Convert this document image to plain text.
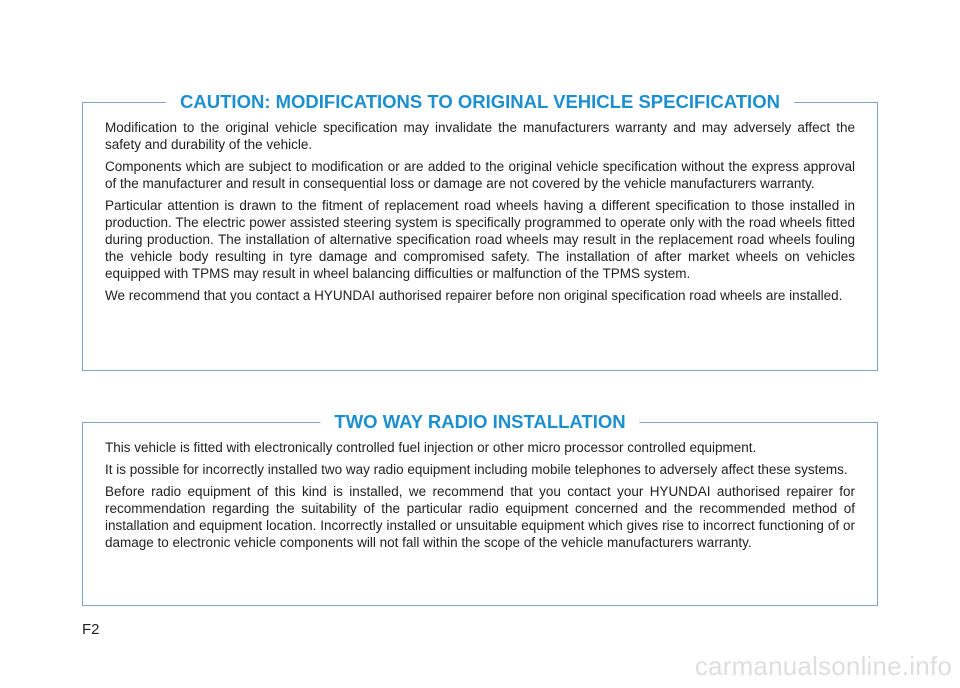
CAUTION: MODIFICATIONS TO ORIGINAL VEHICLE SPECIFICATION

Modification to the original vehicle specification may invalidate the manufacturers warranty and may adversely affect the safety and durability of the vehicle.

Components which are subject to modification or are added to the original vehicle specification without the express approval of the manufacturer and result in consequential loss or damage are not covered by the vehicle manufacturers warranty.

Particular attention is drawn to the fitment of replacement road wheels having a different specification to those installed in production. The electric power assisted steering system is specifically programmed to operate only with the road wheels fitted during production. The installation of alternative specification road wheels may result in the replacement road wheels fouling the vehicle body resulting in tyre damage and compromised safety. The installation of after market wheels on vehicles equipped with TPMS may result in wheel balancing difficulties or malfunction of the TPMS system.

We recommend that you contact a HYUNDAI authorised repairer before non original specification road wheels are installed.

TWO WAY RADIO INSTALLATION

This vehicle is fitted with electronically controlled fuel injection or other micro processor controlled equipment.

It is possible for incorrectly installed two way radio equipment including mobile telephones to adversely affect these systems.

Before radio equipment of this kind is installed, we recommend that you contact your HYUNDAI authorised repairer for recommendation regarding the suitability of the particular radio equipment concerned and the recommended method of installation and equipment location. Incorrectly installed or unsuitable equipment which gives rise to incorrect functioning of or damage to electronic vehicle components will not fall within the scope of the vehicle manufacturers warranty.

F2
carmanualsonline.info
